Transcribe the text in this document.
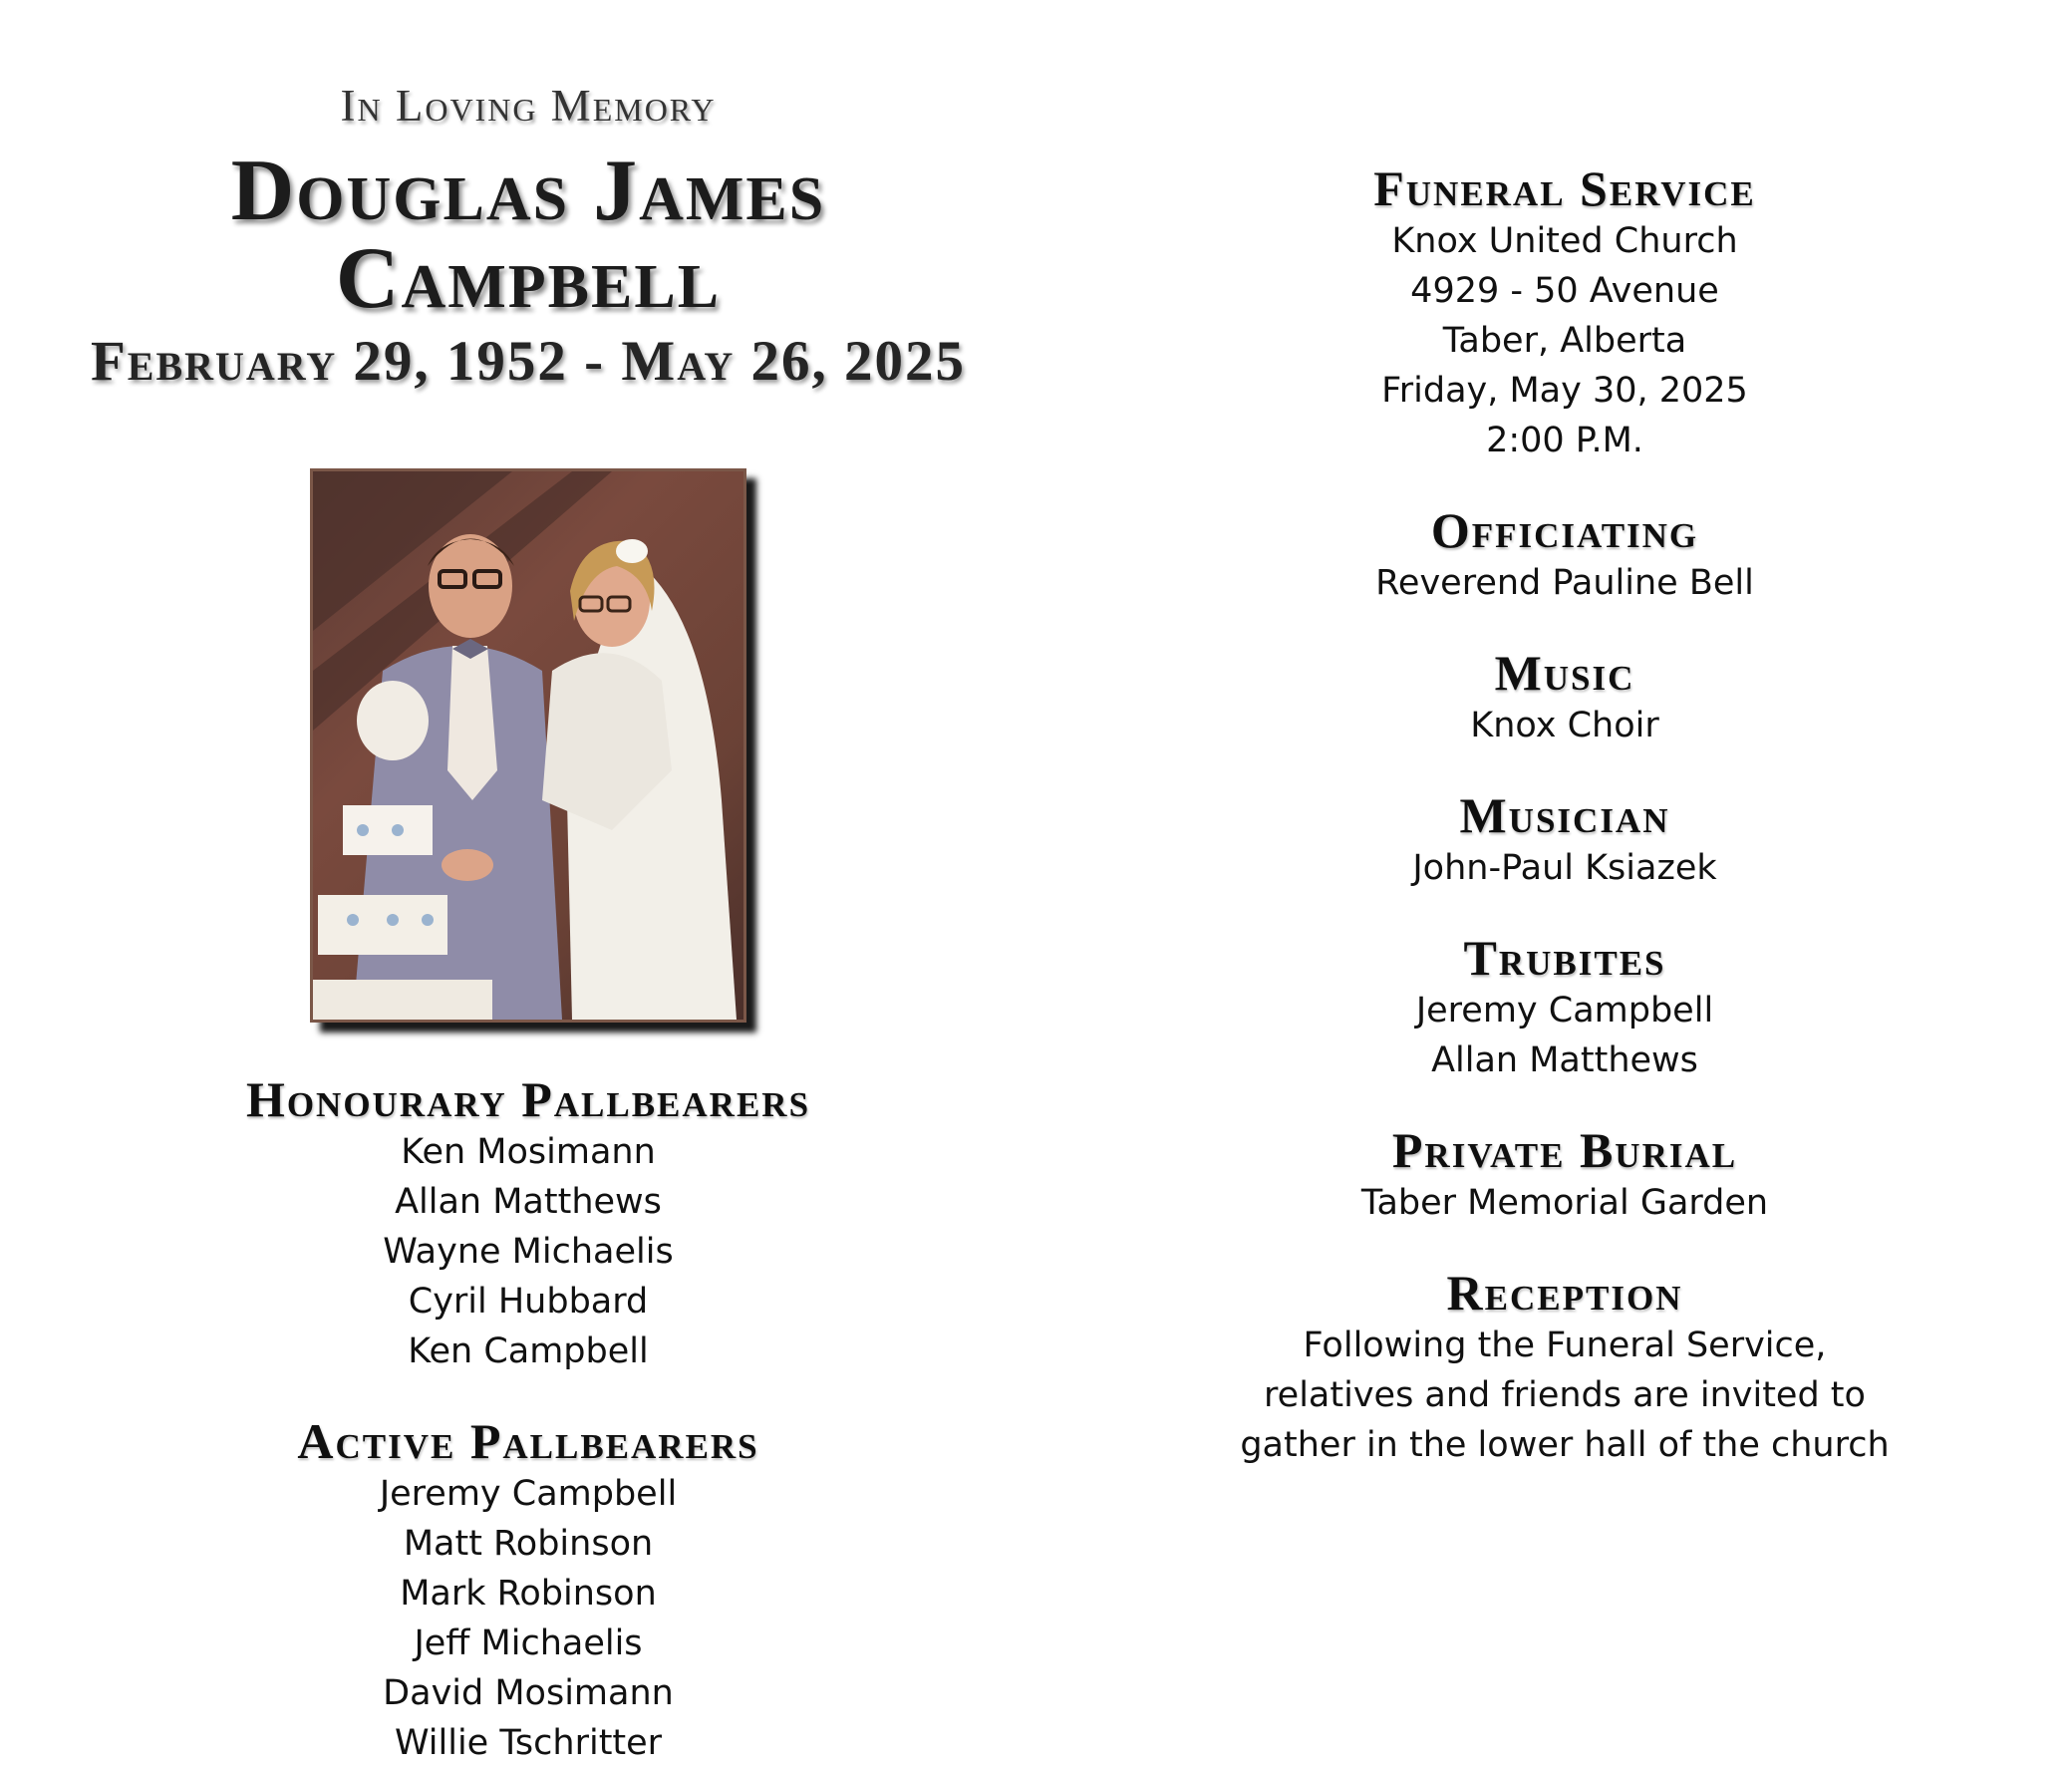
In Loving Memory

Douglas James Campbell

February 29, 1952 - May 26, 2025

Honourary Pallbearers

Ken Mosimann
Allan Matthews
Wayne Michaelis
Cyril Hubbard
Ken Campbell

Active Pallbearers

Jeremy Campbell
Matt Robinson
Mark Robinson
Jeff Michaelis
David Mosimann
Willie Tschritter

Funeral Service

Knox United Church
4929 - 50 Avenue
Taber, Alberta
Friday, May 30, 2025
2:00 P.M.

Officiating

Reverend Pauline Bell

Music

Knox Choir

Musician

John-Paul Ksiazek

Trubites

Jeremy Campbell
Allan Matthews

Private Burial

Taber Memorial Garden

Reception

Following the Funeral Service,
relatives and friends are invited to
gather in the lower hall of the church
